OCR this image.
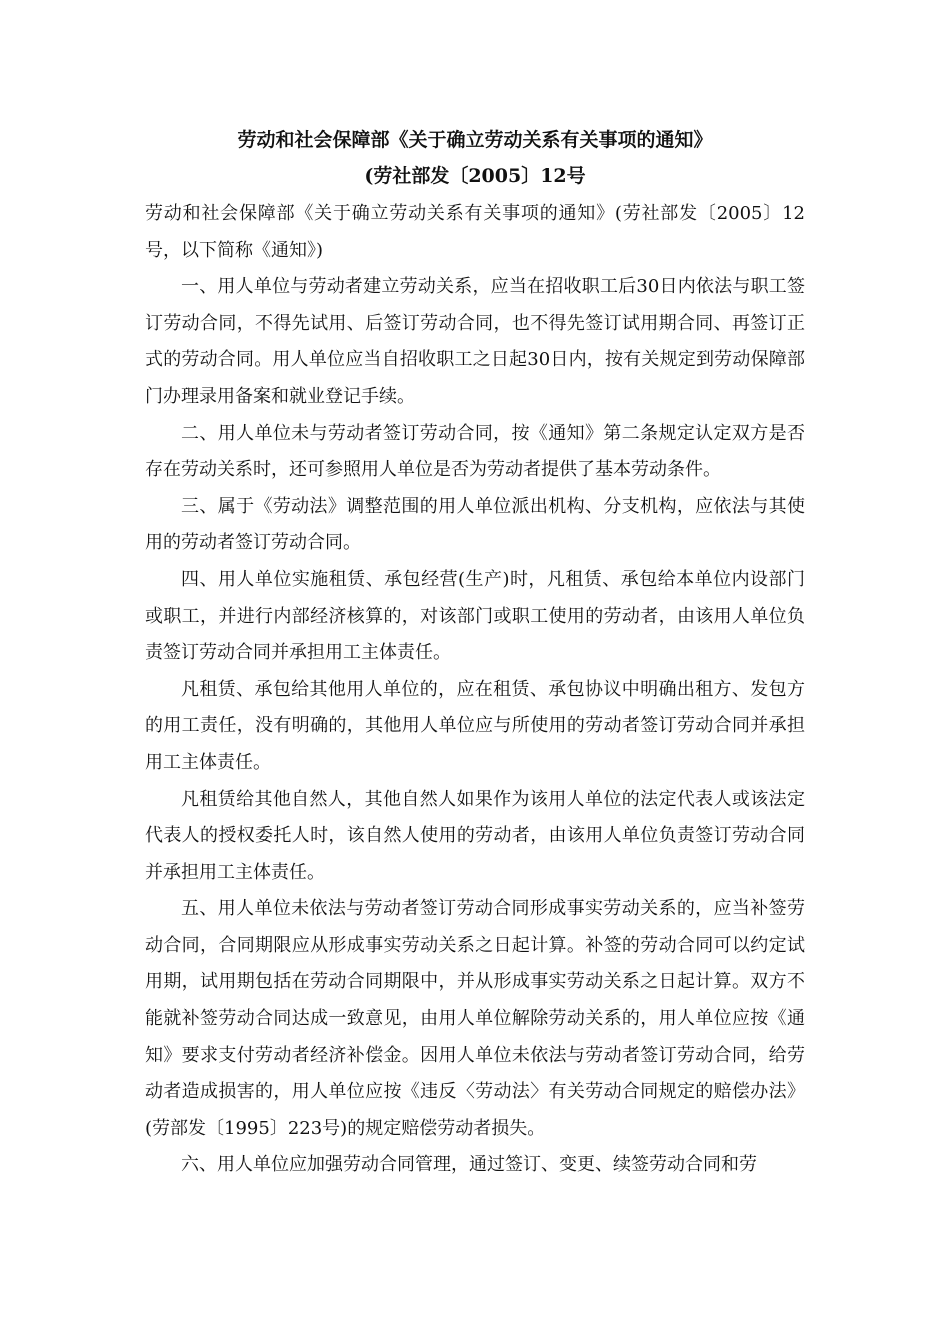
劳动和社会保障部《关于确立劳动关系有关事项的通知》
(劳社部发〔2005〕12号

劳动和社会保障部《关于确立劳动关系有关事项的通知》(劳社部发〔2005〕12号，以下简称《通知》)

一、用人单位与劳动者建立劳动关系，应当在招收职工后30日内依法与职工签订劳动合同，不得先试用、后签订劳动合同，也不得先签订试用期合同、再签订正式的劳动合同。用人单位应当自招收职工之日起30日内，按有关规定到劳动保障部门办理录用备案和就业登记手续。

二、用人单位未与劳动者签订劳动合同，按《通知》第二条规定认定双方是否存在劳动关系时，还可参照用人单位是否为劳动者提供了基本劳动条件。

三、属于《劳动法》调整范围的用人单位派出机构、分支机构，应依法与其使用的劳动者签订劳动合同。

四、用人单位实施租赁、承包经营(生产)时，凡租赁、承包给本单位内设部门或职工，并进行内部经济核算的，对该部门或职工使用的劳动者，由该用人单位负责签订劳动合同并承担用工主体责任。

凡租赁、承包给其他用人单位的，应在租赁、承包协议中明确出租方、发包方的用工责任，没有明确的，其他用人单位应与所使用的劳动者签订劳动合同并承担用工主体责任。

凡租赁给其他自然人，其他自然人如果作为该用人单位的法定代表人或该法定代表人的授权委托人时，该自然人使用的劳动者，由该用人单位负责签订劳动合同并承担用工主体责任。

五、用人单位未依法与劳动者签订劳动合同形成事实劳动关系的，应当补签劳动合同，合同期限应从形成事实劳动关系之日起计算。补签的劳动合同可以约定试用期，试用期包括在劳动合同期限中，并从形成事实劳动关系之日起计算。双方不能就补签劳动合同达成一致意见，由用人单位解除劳动关系的，用人单位应按《通知》要求支付劳动者经济补偿金。因用人单位未依法与劳动者签订劳动合同，给劳动者造成损害的，用人单位应按《违反〈劳动法〉有关劳动合同规定的赔偿办法》(劳部发〔1995〕223号)的规定赔偿劳动者损失。

六、用人单位应加强劳动合同管理，通过签订、变更、续签劳动合同和劳
